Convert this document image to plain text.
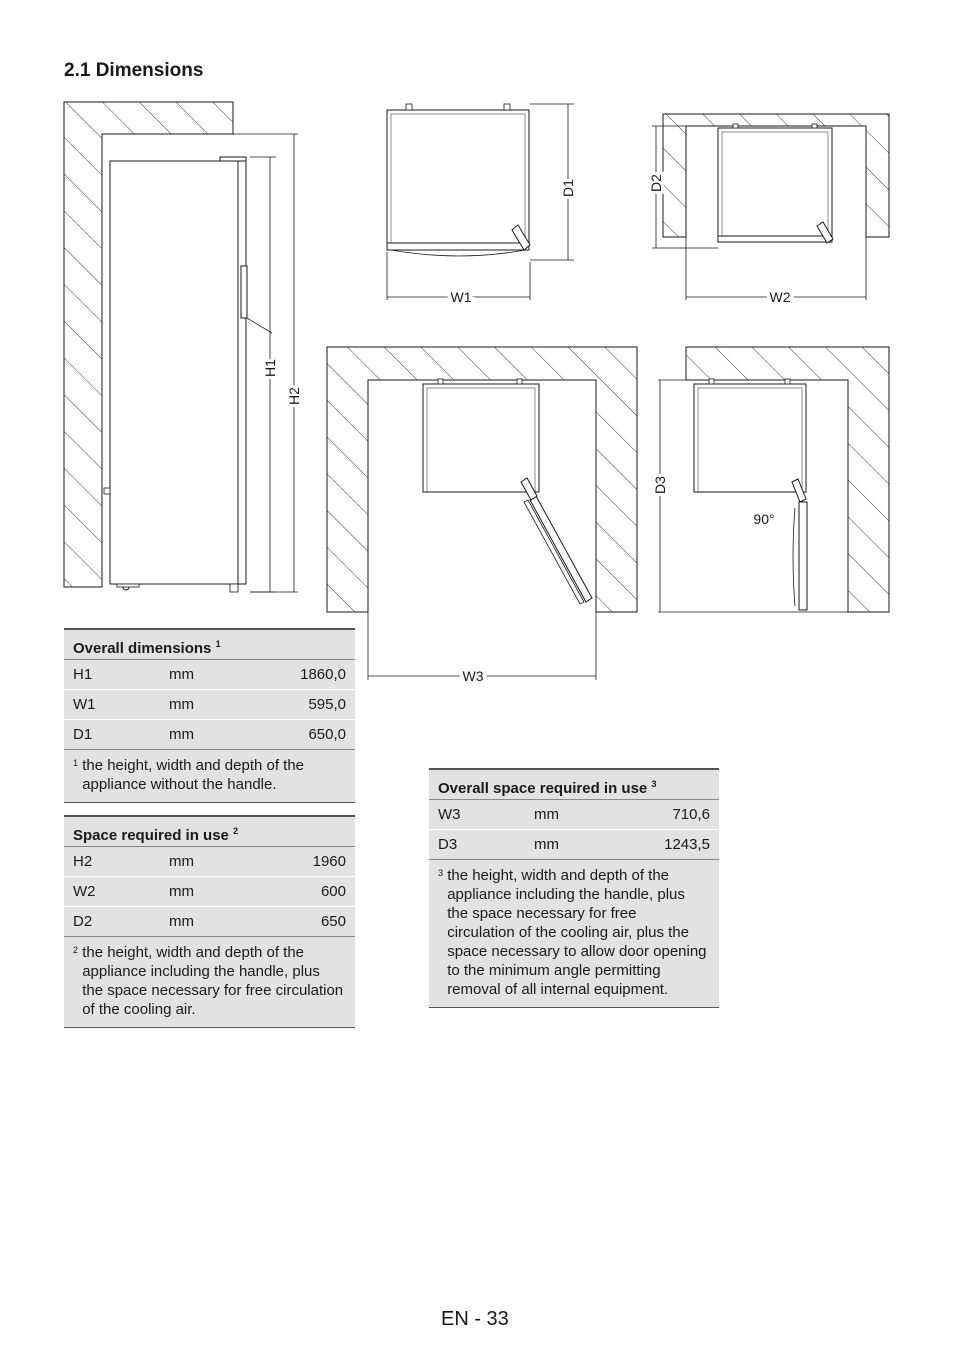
2.1 Dimensions
H1
H2
D1
W1
D2
W2
W3
D3
90°
Overall dimensions $^1$
H1	mm	1860,0
W1	mm	595,0
D1	mm	650,0
$^1$ the height, width and depth of the appliance without the handle.
Space required in use $^2$
H2	mm	1960
W2	mm	600
D2	mm	650
$^2$ the height, width and depth of the appliance including the handle, plus the space necessary for free circulation of the cooling air.
Overall space required in use $^3$
W3	mm	710,6
D3	mm	1243,5
$^3$ the height, width and depth of the appliance including the handle, plus the space necessary for free circulation of the cooling air, plus the space necessary to allow door opening to the minimum angle permitting removal of all internal equipment.
EN - 33
